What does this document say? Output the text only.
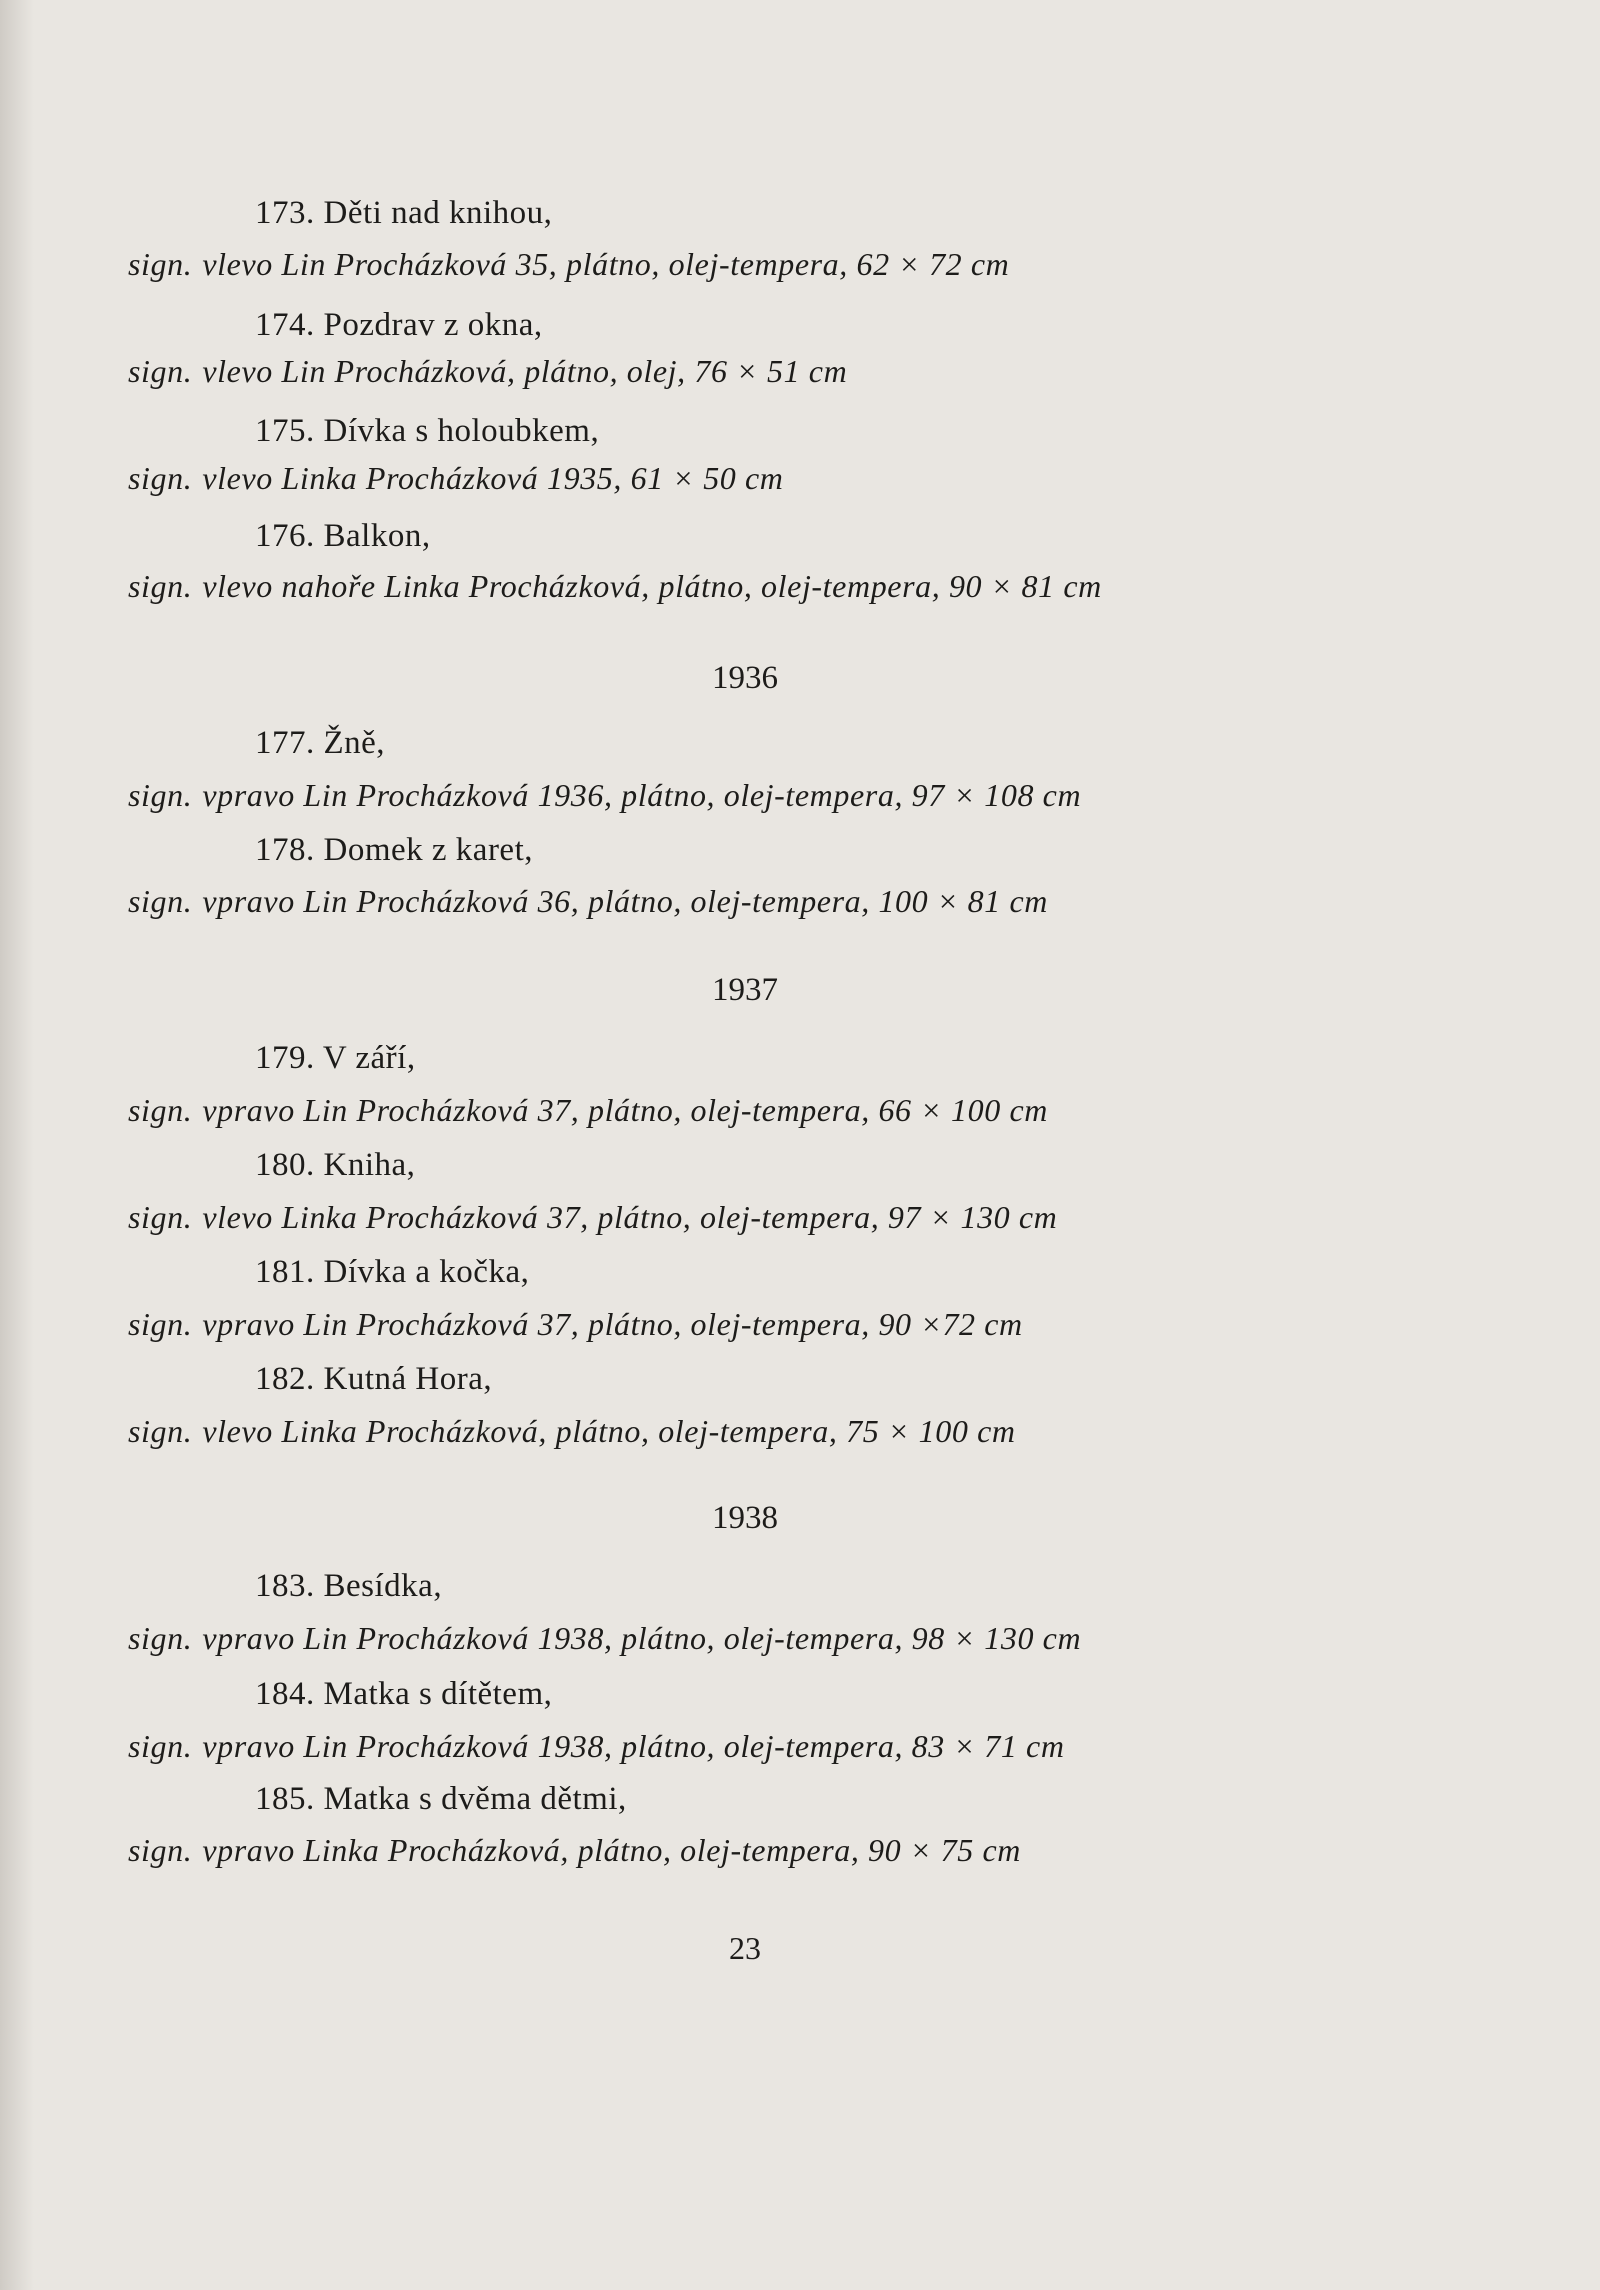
173. Děti nad knihou,
sign. vlevo Lin Procházková 35, plátno, olej-tempera, 62 × 72 cm
174. Pozdrav z okna,
sign. vlevo Lin Procházková, plátno, olej, 76 × 51 cm
175. Dívka s holoubkem,
sign. vlevo Linka Procházková 1935, 61 × 50 cm
176. Balkon,
sign. vlevo nahoře Linka Procházková, plátno, olej-tempera, 90 × 81 cm
1936
177. Žně,
sign. vpravo Lin Procházková 1936, plátno, olej-tempera, 97 × 108 cm
178. Domek z karet,
sign. vpravo Lin Procházková 36, plátno, olej-tempera, 100 × 81 cm
1937
179. V září,
sign. vpravo Lin Procházková 37, plátno, olej-tempera, 66 × 100 cm
180. Kniha,
sign. vlevo Linka Procházková 37, plátno, olej-tempera, 97 × 130 cm
181. Dívka a kočka,
sign. vpravo Lin Procházková 37, plátno, olej-tempera, 90 ×72 cm
182. Kutná Hora,
sign. vlevo Linka Procházková, plátno, olej-tempera, 75 × 100 cm
1938
183. Besídka,
sign. vpravo Lin Procházková 1938, plátno, olej-tempera, 98 × 130 cm
184. Matka s dítětem,
sign. vpravo Lin Procházková 1938, plátno, olej-tempera, 83 × 71 cm
185. Matka s dvěma dětmi,
sign. vpravo Linka Procházková, plátno, olej-tempera, 90 × 75 cm
23
